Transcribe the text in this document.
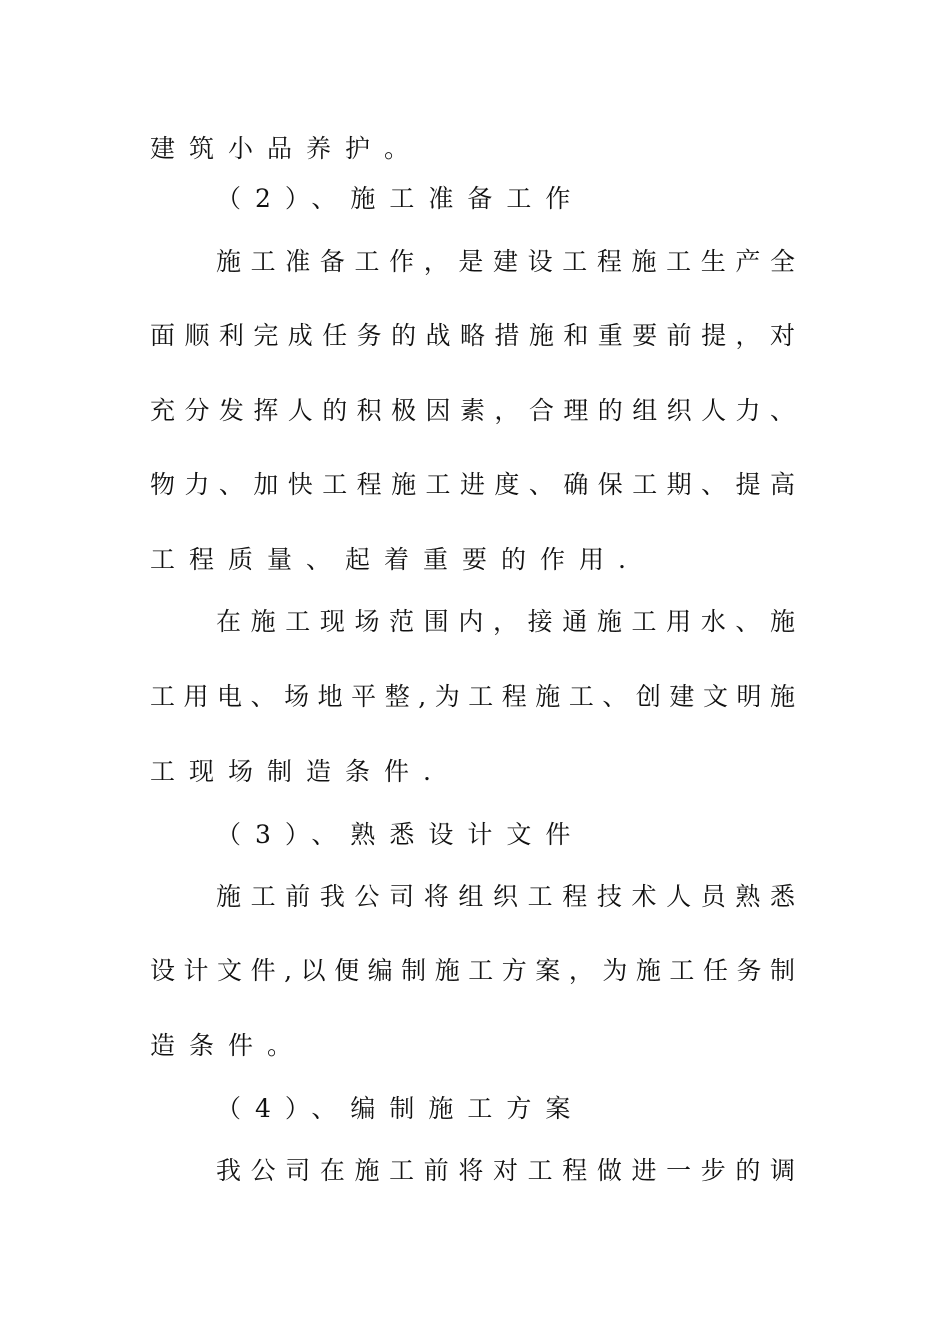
建筑小品养护。
（2）、施工准备工作
施工准备工作，是建设工程施工生产全
面顺利完成任务的战略措施和重要前提，对
充分发挥人的积极因素，合理的组织人力、
物力、加快工程施工进度、确保工期、提高
工程质量、起着重要的作用.
在施工现场范围内，接通施工用水、施
工用电、场地平整,为工程施工、创建文明施
工现场制造条件.
（3）、熟悉设计文件
施工前我公司将组织工程技术人员熟悉
设计文件,以便编制施工方案，为施工任务制
造条件。
（4）、编制施工方案
我公司在施工前将对工程做进一步的调
